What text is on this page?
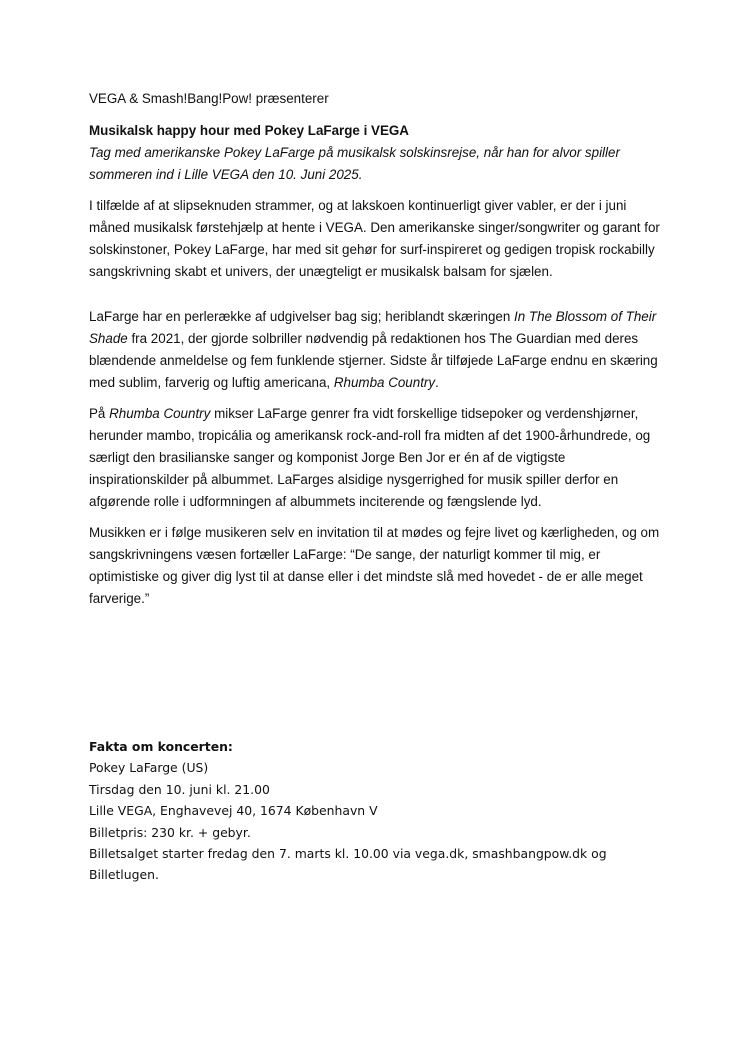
VEGA & Smash!Bang!Pow! præsenterer

Musikalsk happy hour med Pokey LaFarge i VEGA

Tag med amerikanske Pokey LaFarge på musikalsk solskinsrejse, når han for alvor spiller sommeren ind i Lille VEGA den 10. Juni 2025.

I tilfælde af at slipseknuden strammer, og at lakskoen kontinuerligt giver vabler, er der i juni måned musikalsk førstehjælp at hente i VEGA. Den amerikanske singer/songwriter og garant for solskinstoner, Pokey LaFarge, har med sit gehør for surf-inspireret og gedigen tropisk rockabilly sangskrivning skabt et univers, der unægteligt er musikalsk balsam for sjælen.

LaFarge har en perlerække af udgivelser bag sig; heriblandt skæringen In The Blossom of Their Shade fra 2021, der gjorde solbriller nødvendig på redaktionen hos The Guardian med deres blændende anmeldelse og fem funklende stjerner. Sidste år tilføjede LaFarge endnu en skæring med sublim, farverig og luftig americana, Rhumba Country.

På Rhumba Country mikser LaFarge genrer fra vidt forskellige tidsepoker og verdenshjørner, herunder mambo, tropicália og amerikansk rock-and-roll fra midten af det 1900-århundrede, og særligt den brasilianske sanger og komponist Jorge Ben Jor er én af de vigtigste inspirationskilder på albummet. LaFarges alsidige nysgerrighed for musik spiller derfor en afgørende rolle i udformningen af albummets inciterende og fængslende lyd.

Musikken er i følge musikeren selv en invitation til at mødes og fejre livet og kærligheden, og om sangskrivningens væsen fortæller LaFarge: “De sange, der naturligt kommer til mig, er optimistiske og giver dig lyst til at danse eller i det mindste slå med hovedet - de er alle meget farverige.”

Fakta om koncerten:

Pokey LaFarge (US)

Tirsdag den 10. juni kl. 21.00

Lille VEGA, Enghavevej 40, 1674 København V

Billetpris: 230 kr. + gebyr.

Billetsalget starter fredag den 7. marts kl. 10.00 via vega.dk, smashbangpow.dk og Billetlugen.
